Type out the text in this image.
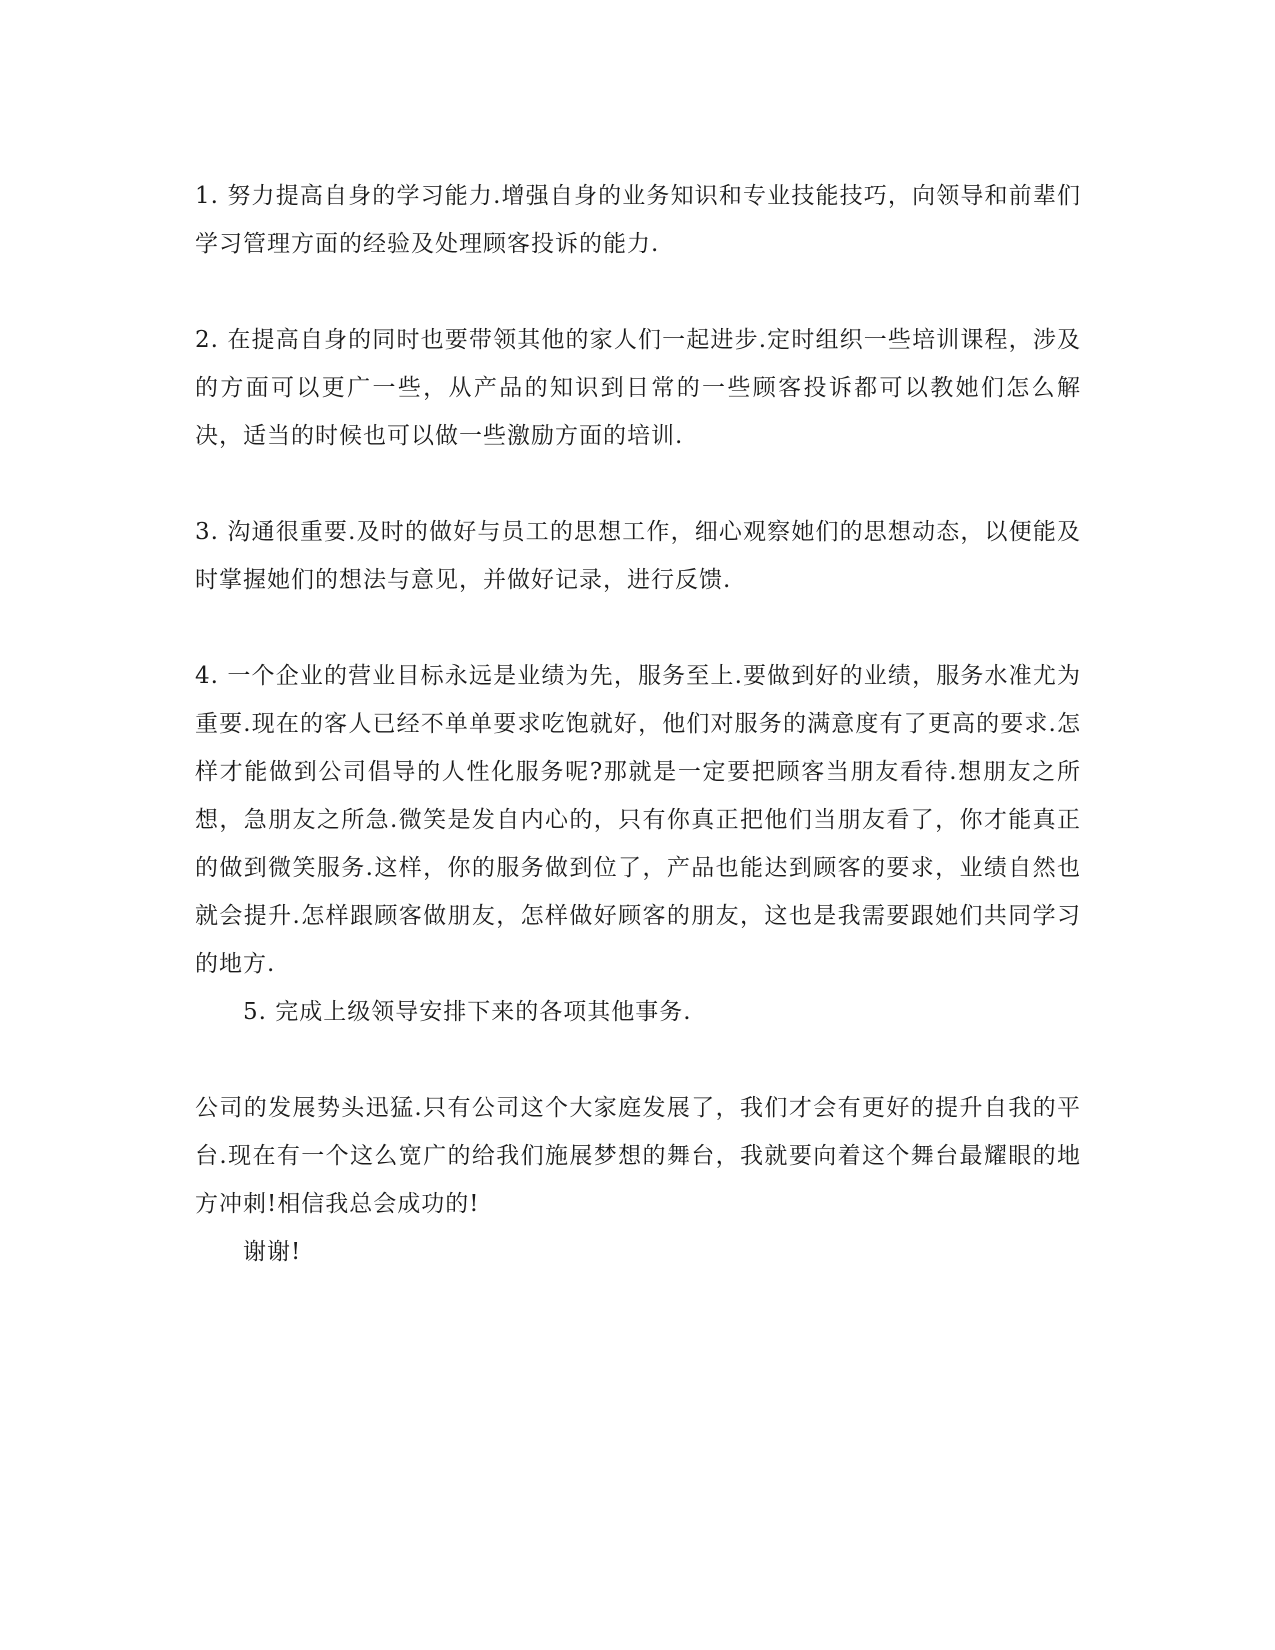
1. 努力提高自身的学习能力.增强自身的业务知识和专业技能技巧，向领导和前辈们学习管理方面的经验及处理顾客投诉的能力.

2. 在提高自身的同时也要带领其他的家人们一起进步.定时组织一些培训课程，涉及的方面可以更广一些，从产品的知识到日常的一些顾客投诉都可以教她们怎么解决，适当的时候也可以做一些激励方面的培训.

3. 沟通很重要.及时的做好与员工的思想工作，细心观察她们的思想动态，以便能及时掌握她们的想法与意见，并做好记录，进行反馈.

4. 一个企业的营业目标永远是业绩为先，服务至上.要做到好的业绩，服务水准尤为重要.现在的客人已经不单单要求吃饱就好，他们对服务的满意度有了更高的要求.怎样才能做到公司倡导的人性化服务呢?那就是一定要把顾客当朋友看待.想朋友之所想，急朋友之所急.微笑是发自内心的，只有你真正把他们当朋友看了，你才能真正的做到微笑服务.这样，你的服务做到位了，产品也能达到顾客的要求，业绩自然也就会提升.怎样跟顾客做朋友，怎样做好顾客的朋友，这也是我需要跟她们共同学习的地方.

5. 完成上级领导安排下来的各项其他事务.

公司的发展势头迅猛.只有公司这个大家庭发展了，我们才会有更好的提升自我的平台.现在有一个这么宽广的给我们施展梦想的舞台，我就要向着这个舞台最耀眼的地方冲刺!相信我总会成功的!

谢谢!
